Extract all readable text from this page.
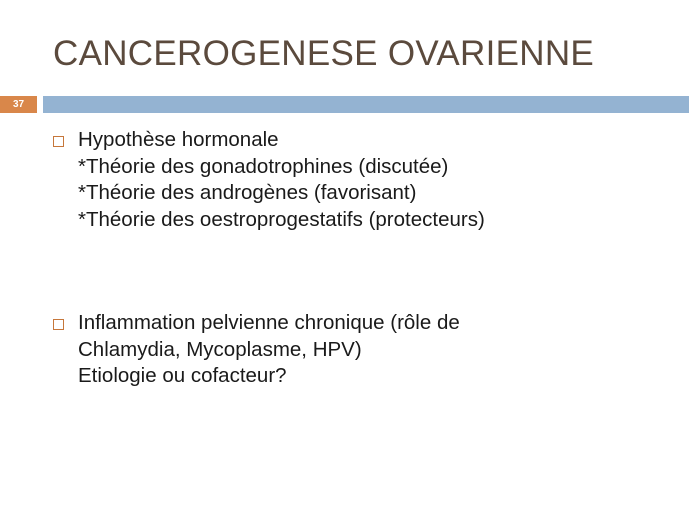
CANCEROGENESE OVARIENNE
37
Hypothèse hormonale
*Théorie des gonadotrophines (discutée)
*Théorie des androgènes (favorisant)
*Théorie des oestroprogestatifs (protecteurs)
Inflammation pelvienne chronique (rôle de
Chlamydia, Mycoplasme, HPV)
Etiologie ou cofacteur?
